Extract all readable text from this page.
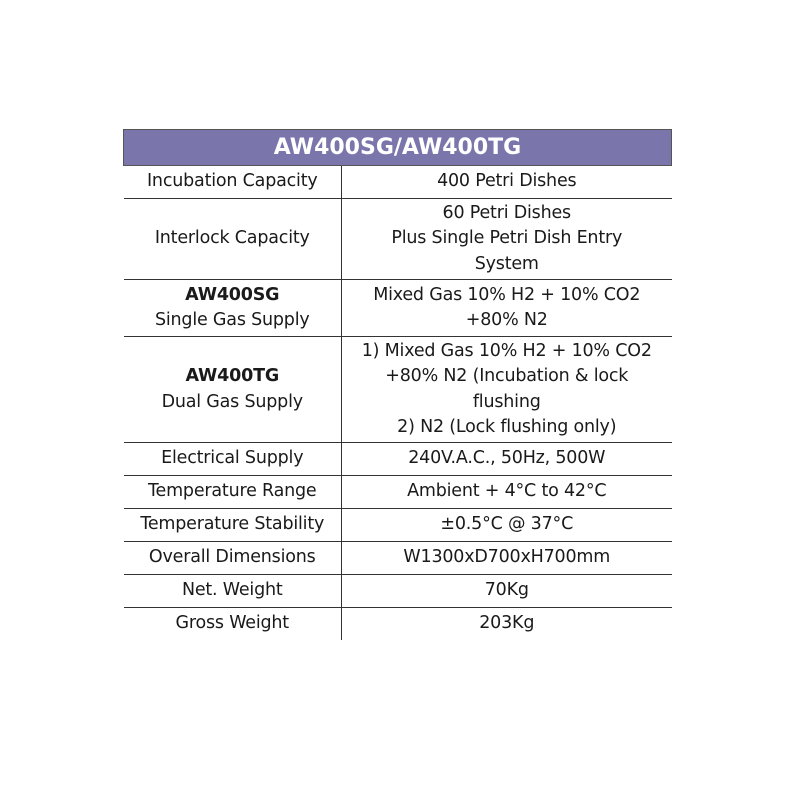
AW400SG/AW400TG	

Incubation Capacity	400 Petri Dishes

Interlock Capacity	60 Petri Dishes
Plus Single Petri Dish Entry
System

AW400SG
Single Gas Supply	Mixed Gas 10% H2 + 10% CO2
+80% N2

AW400TG
Dual Gas Supply	1) Mixed Gas 10% H2 + 10% CO2
+80% N2 (Incubation & lock
flushing
2) N2 (Lock flushing only)

Electrical Supply	240V.A.C., 50Hz, 500W

Temperature Range	Ambient + 4°C to 42°C

Temperature Stability	±0.5°C @ 37°C

Overall Dimensions	W1300xD700xH700mm

Net. Weight	70Kg

Gross Weight	203Kg
